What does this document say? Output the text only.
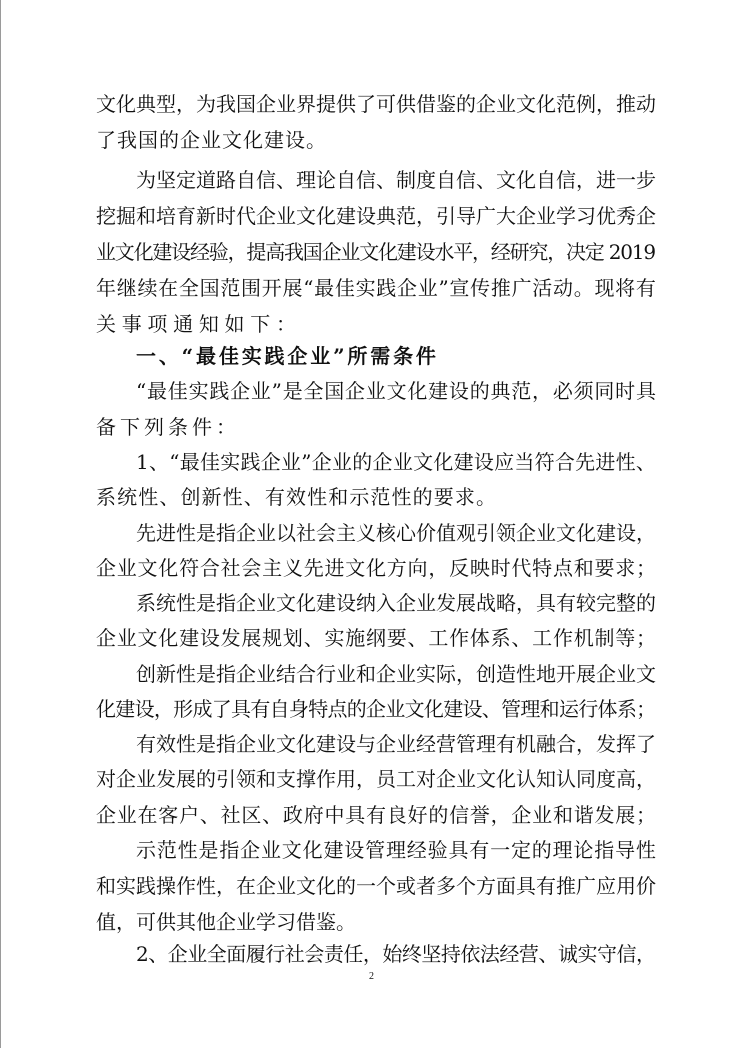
文化典型，为我国企业界提供了可供借鉴的企业文化范例，推动
了我国的企业文化建设。
为坚定道路自信、理论自信、制度自信、文化自信，进一步
挖掘和培育新时代企业文化建设典范，引导广大企业学习优秀企
业文化建设经验，提高我国企业文化建设水平，经研究，决定 2019
年继续在全国范围开展“最佳实践企业”宣传推广活动。现将有
关事项通知如下：
一、“最佳实践企业”所需条件
“最佳实践企业”是全国企业文化建设的典范，必须同时具
备下列条件：
1、“最佳实践企业”企业的企业文化建设应当符合先进性、
系统性、创新性、有效性和示范性的要求。
先进性是指企业以社会主义核心价值观引领企业文化建设，
企业文化符合社会主义先进文化方向，反映时代特点和要求；
系统性是指企业文化建设纳入企业发展战略，具有较完整的
企业文化建设发展规划、实施纲要、工作体系、工作机制等；
创新性是指企业结合行业和企业实际，创造性地开展企业文
化建设，形成了具有自身特点的企业文化建设、管理和运行体系；
有效性是指企业文化建设与企业经营管理有机融合，发挥了
对企业发展的引领和支撑作用，员工对企业文化认知认同度高，
企业在客户、社区、政府中具有良好的信誉，企业和谐发展；
示范性是指企业文化建设管理经验具有一定的理论指导性
和实践操作性，在企业文化的一个或者多个方面具有推广应用价
值，可供其他企业学习借鉴。
2、企业全面履行社会责任，始终坚持依法经营、诚实守信，
2
